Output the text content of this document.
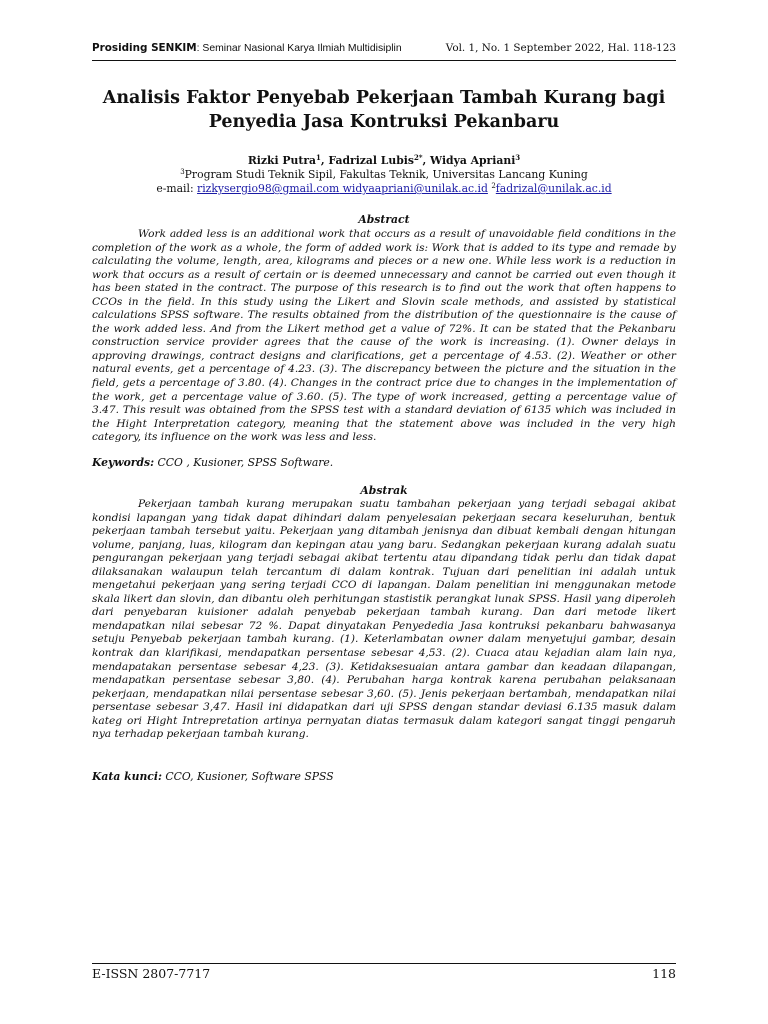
Prosiding SENKIM: Seminar Nasional Karya Ilmiah Multidisiplin	Vol. 1, No. 1 September 2022, Hal. 118-123
Analisis Faktor Penyebab Pekerjaan Tambah Kurang bagi Penyedia Jasa Kontruksi Pekanbaru
Rizki Putra$^1$, Fadrizal Lubis$^{2*}$, Widya Apriani$^3$
$^3$Program Studi Teknik Sipil, Fakultas Teknik, Universitas Lancang Kuning
e-mail: rizkysergio98@gmail.com widyaapriani@unilak.ac.id $^2$fadrizal@unilak.ac.id
Abstract

Work added less is an additional work that occurs as a result of unavoidable field conditions in the completion of the work as a whole, the form of added work is: Work that is added to its type and remade by calculating the volume, length, area, kilograms and pieces or a new one. While less work is a reduction in work that occurs as a result of certain or is deemed unnecessary and cannot be carried out even though it has been stated in the contract. The purpose of this research is to find out the work that often happens to CCOs in the field. In this study using the Likert and Slovin scale methods, and assisted by statistical calculations SPSS software. The results obtained from the distribution of the questionnaire is the cause of the work added less. And from the Likert method get a value of 72%. It can be stated that the Pekanbaru construction service provider agrees that the cause of the work is increasing. (1). Owner delays in approving drawings, contract designs and clarifications, get a percentage of 4.53. (2). Weather or other natural events, get a percentage of 4.23. (3). The discrepancy between the picture and the situation in the field, gets a percentage of 3.80. (4). Changes in the contract price due to changes in the implementation of the work, get a percentage value of 3.60. (5). The type of work increased, getting a percentage value of 3.47. This result was obtained from the SPSS test with a standard deviation of 6135 which was included in the Hight Interpretation category, meaning that the statement above was included in the very high category, its influence on the work was less and less.

Keywords: CCO , Kusioner, SPSS Software.
Abstrak

Pekerjaan tambah kurang merupakan suatu tambahan pekerjaan yang terjadi sebagai akibat kondisi lapangan yang tidak dapat dihindari dalam penyelesaian pekerjaan secara keseluruhan, bentuk pekerjaan tambah tersebut yaitu. Pekerjaan yang ditambah jenisnya dan dibuat kembali dengan hitungan volume, panjang, luas, kilogram dan kepingan atau yang baru. Sedangkan pekerjaan kurang adalah suatu pengurangan pekerjaan yang terjadi sebagai akibat tertentu atau dipandang tidak perlu dan tidak dapat dilaksanakan walaupun telah tercantum di dalam kontrak. Tujuan dari penelitian ini adalah untuk mengetahui pekerjaan yang sering terjadi CCO di lapangan. Dalam penelitian ini menggunakan metode skala likert dan slovin, dan dibantu oleh perhitungan stastistik perangkat lunak SPSS. Hasil yang diperoleh dari penyebaran kuisioner adalah penyebab pekerjaan tambah kurang. Dan dari metode likert mendapatkan nilai sebesar 72 %. Dapat dinyatakan Penyededia Jasa kontruksi pekanbaru bahwasanya setuju Penyebab pekerjaan tambah kurang. (1). Keterlambatan owner dalam menyetujui gambar, desain kontrak dan klarifikasi, mendapatkan persentase sebesar 4,53. (2). Cuaca atau kejadian alam lain nya, mendapatakan persentase sebesar 4,23. (3). Ketidaksesuaian antara gambar dan keadaan dilapangan, mendapatkan persentase sebesar 3,80. (4). Perubahan harga kontrak karena perubahan pelaksanaan pekerjaan, mendapatkan nilai persentase sebesar 3,60. (5). Jenis pekerjaan bertambah, mendapatkan nilai persentase sebesar 3,47. Hasil ini didapatkan dari uji SPSS dengan standar deviasi 6.135 masuk dalam kateg ori Hight Intrepretation artinya pernyatan diatas termasuk dalam kategori sangat tinggi pengaruh nya terhadap pekerjaan tambah kurang.

Kata kunci: CCO, Kusioner, Software SPSS
E-ISSN 2807-7717	118
